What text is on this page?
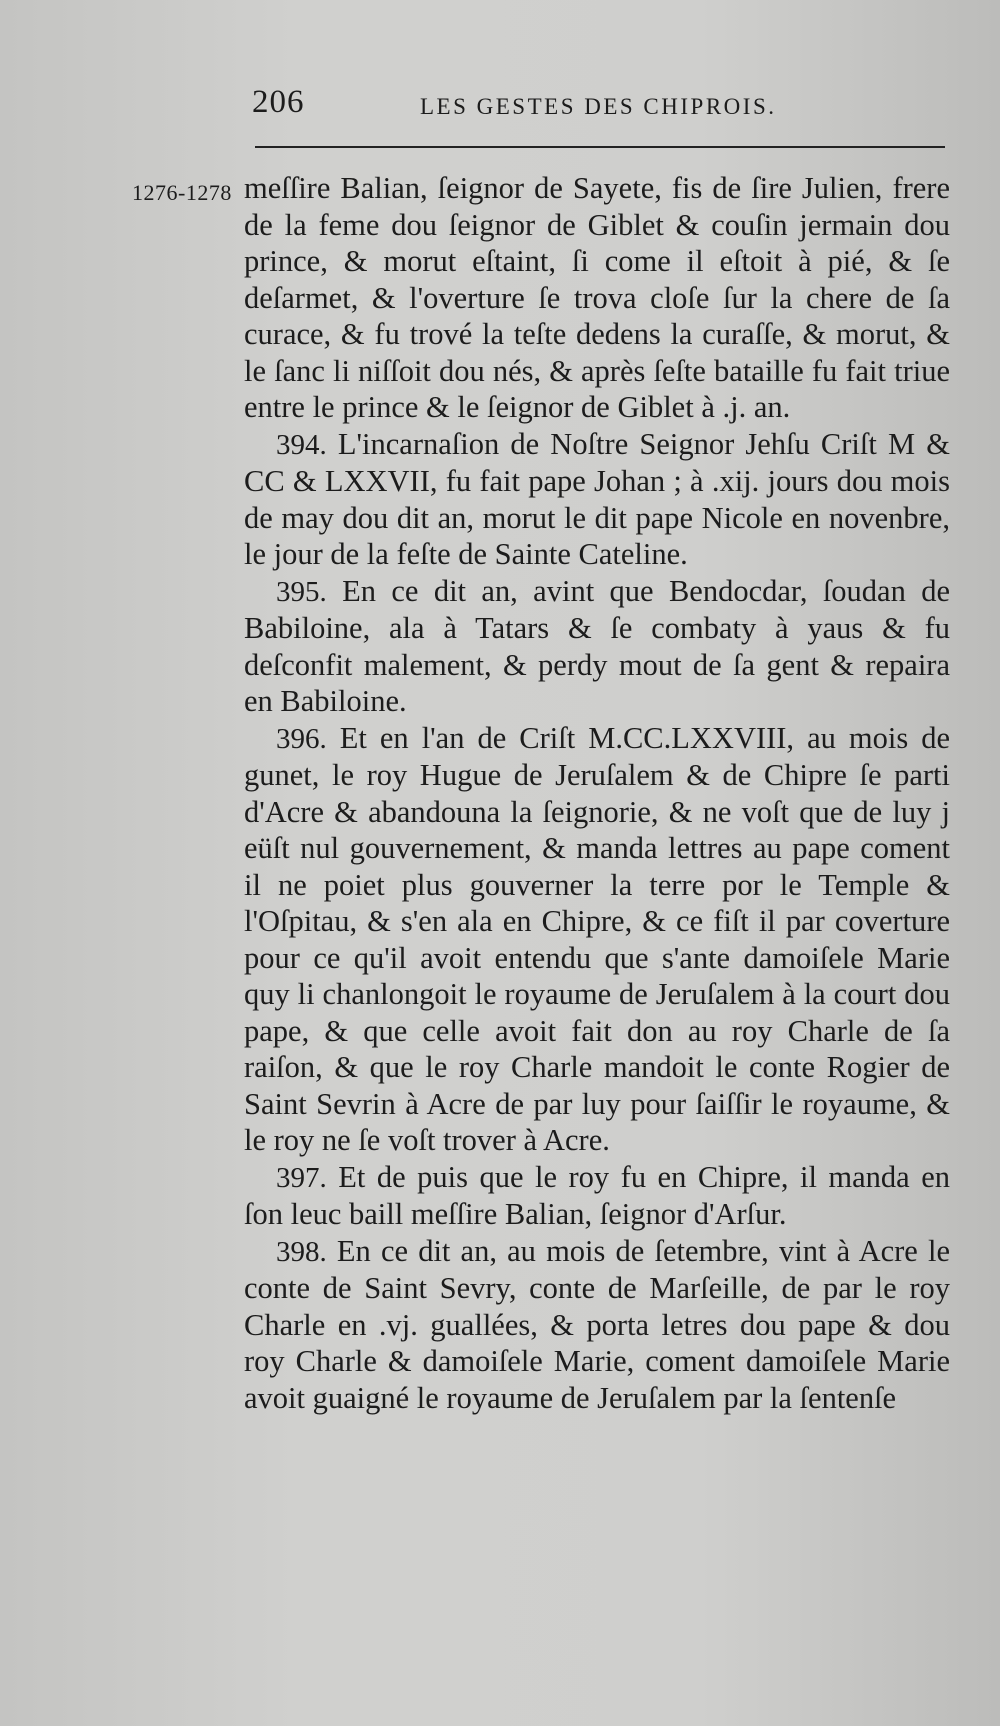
206	LES GESTES DES CHIPROIS.
1276-1278 meſſire Balian, ſeignor de Sayete, fis de ſire Julien, frere de la feme dou ſeignor de Giblet & couſin jermain dou prince, & morut eſtaint, ſi come il eſtoit à pié, & ſe deſarmet, & l'overture ſe trova cloſe ſur la chere de ſa curace, & fu trové la teſte dedens la curaſſe, & morut, & le ſanc li niſſoit dou nés, & après ſeſte bataille fu fait triue entre le prince & le ſeignor de Giblet à .j. an.

394. L'incarnaſion de Noſtre Seignor Jehſu Criſt M & CC & LXXVII, fu fait pape Johan ; à .xij. jours dou mois de may dou dit an, morut le dit pape Nicole en novenbre, le jour de la feſte de Sainte Cateline.

395. En ce dit an, avint que Bendocdar, ſoudan de Babiloine, ala à Tatars & ſe combaty à yaus & fu deſconfit malement, & perdy mout de ſa gent & repaira en Babiloine.

396. Et en l'an de Criſt M.CC.LXXVIII, au mois de gunet, le roy Hugue de Jeruſalem & de Chipre ſe parti d'Acre & abandouna la ſeignorie, & ne voſt que de luy j eüſt nul gouvernement, & manda lettres au pape coment il ne poiet plus gouverner la terre por le Temple & l'Oſpitau, & s'en ala en Chipre, & ce fiſt il par coverture pour ce qu'il avoit entendu que s'ante damoiſele Marie quy li chanlongoit le royaume de Jeruſalem à la court dou pape, & que celle avoit fait don au roy Charle de ſa raiſon, & que le roy Charle mandoit le conte Rogier de Saint Sevrin à Acre de par luy pour ſaiſſir le royaume, & le roy ne ſe voſt trover à Acre.

397. Et de puis que le roy fu en Chipre, il manda en ſon leuc baill meſſire Balian, ſeignor d'Arſur.

398. En ce dit an, au mois de ſetembre, vint à Acre le conte de Saint Sevry, conte de Marſeille, de par le roy Charle en .vj. guallées, & porta letres dou pape & dou roy Charle & damoiſele Marie, coment damoiſele Marie avoit guaigné le royaume de Jeruſalem par la ſentenſe
